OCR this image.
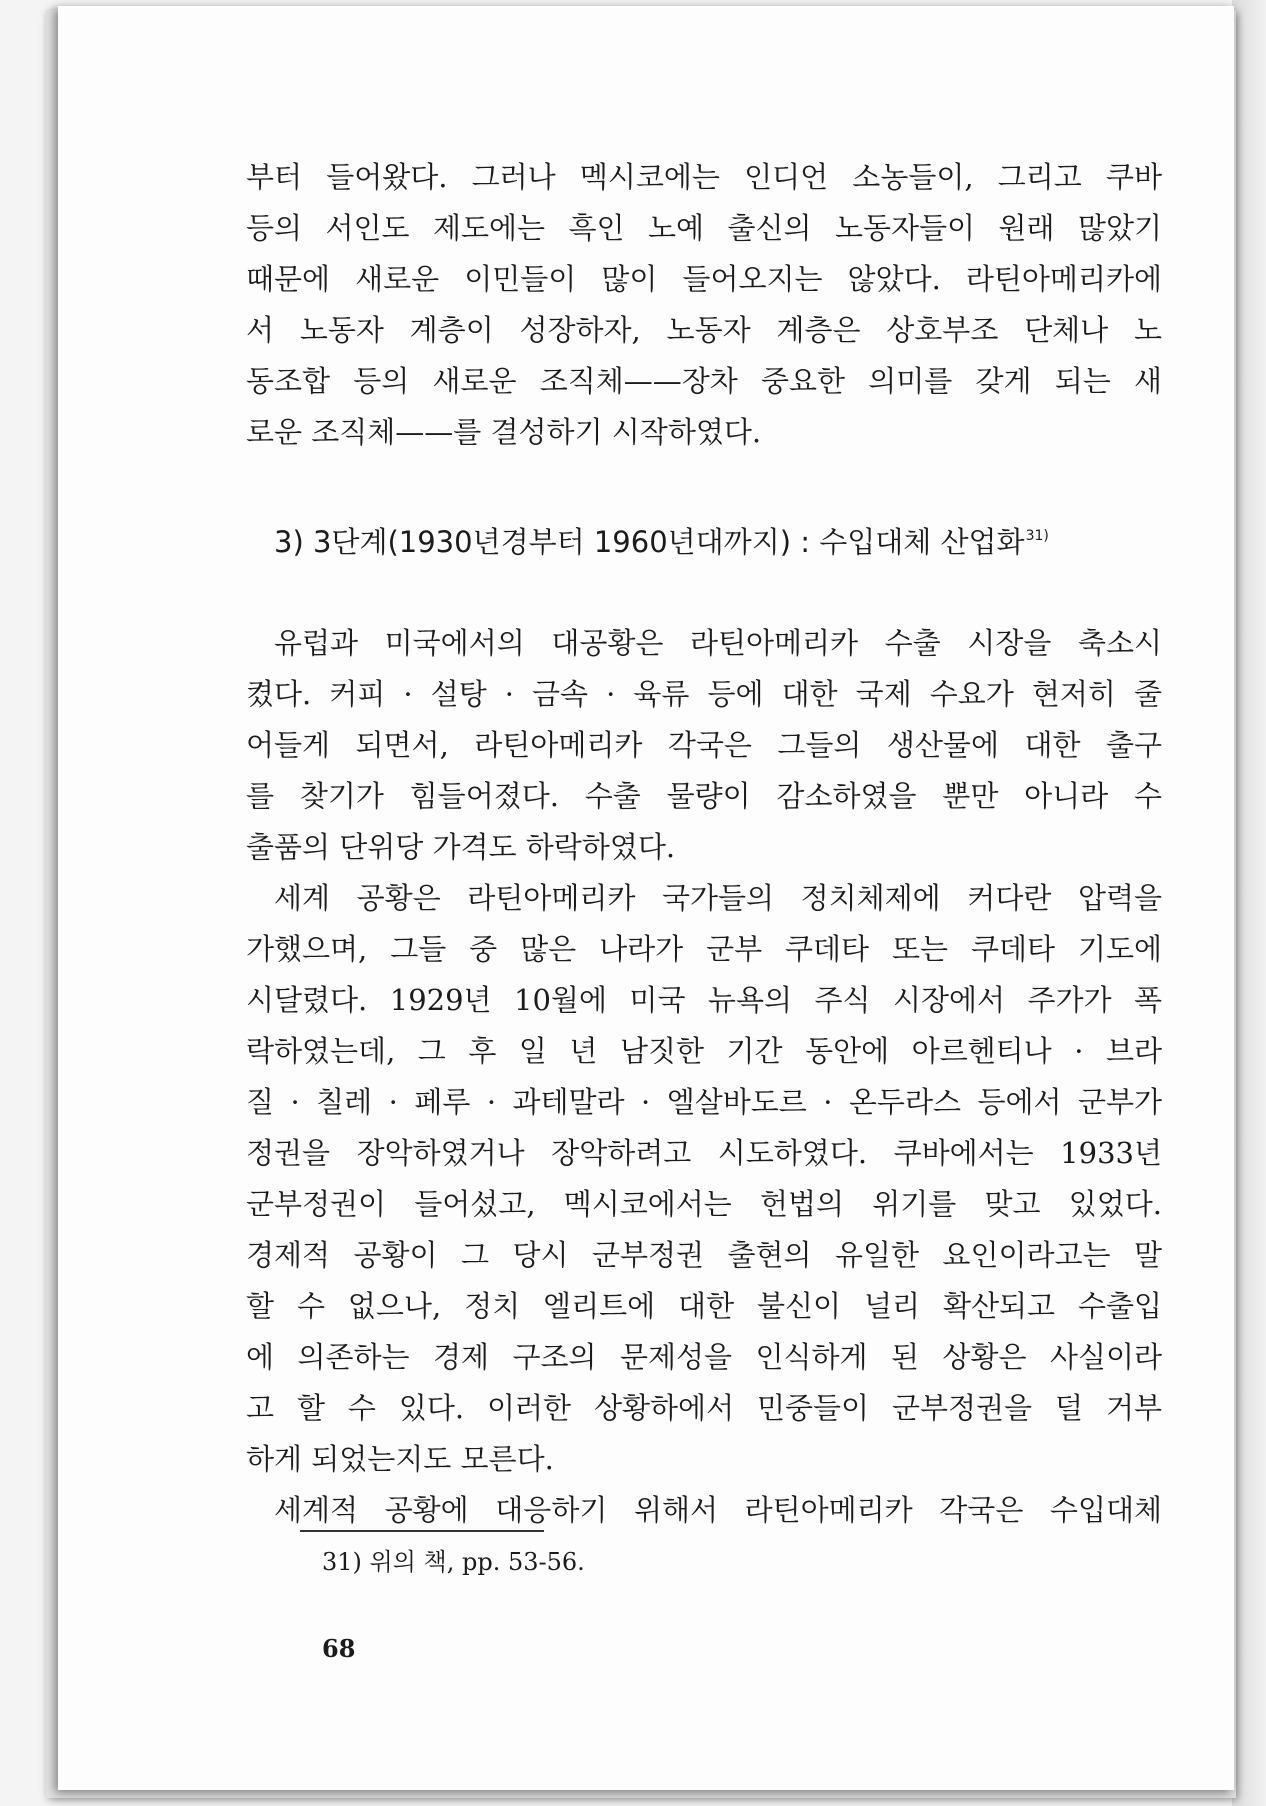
부터 들어왔다. 그러나 멕시코에는 인디언 소농들이, 그리고 쿠바
등의 서인도 제도에는 흑인 노예 출신의 노동자들이 원래 많았기
때문에 새로운 이민들이 많이 들어오지는 않았다. 라틴아메리카에
서 노동자 계층이 성장하자, 노동자 계층은 상호부조 단체나 노
동조합 등의 새로운 조직체——장차 중요한 의미를 갖게 되는 새
로운 조직체——를 결성하기 시작하였다.
3) 3단계(1930년경부터 1960년대까지) : 수입대체 산업화$^{31)}$
유럽과 미국에서의 대공황은 라틴아메리카 수출 시장을 축소시
켰다. 커피 · 설탕 · 금속 · 육류 등에 대한 국제 수요가 현저히 줄
어들게 되면서, 라틴아메리카 각국은 그들의 생산물에 대한 출구
를 찾기가 힘들어졌다. 수출 물량이 감소하였을 뿐만 아니라 수
출품의 단위당 가격도 하락하였다.
세계 공황은 라틴아메리카 국가들의 정치체제에 커다란 압력을
가했으며, 그들 중 많은 나라가 군부 쿠데타 또는 쿠데타 기도에
시달렸다. 1929년 10월에 미국 뉴욕의 주식 시장에서 주가가 폭
락하였는데, 그 후 일 년 남짓한 기간 동안에 아르헨티나 · 브라
질 · 칠레 · 페루 · 과테말라 · 엘살바도르 · 온두라스 등에서 군부가
정권을 장악하였거나 장악하려고 시도하였다. 쿠바에서는 1933년
군부정권이 들어섰고, 멕시코에서는 헌법의 위기를 맞고 있었다.
경제적 공황이 그 당시 군부정권 출현의 유일한 요인이라고는 말
할 수 없으나, 정치 엘리트에 대한 불신이 널리 확산되고 수출입
에 의존하는 경제 구조의 문제성을 인식하게 된 상황은 사실이라
고 할 수 있다. 이러한 상황하에서 민중들이 군부정권을 덜 거부
하게 되었는지도 모른다.
세계적 공황에 대응하기 위해서 라틴아메리카 각국은 수입대체
31) 위의 책, pp. 53-56.
68
